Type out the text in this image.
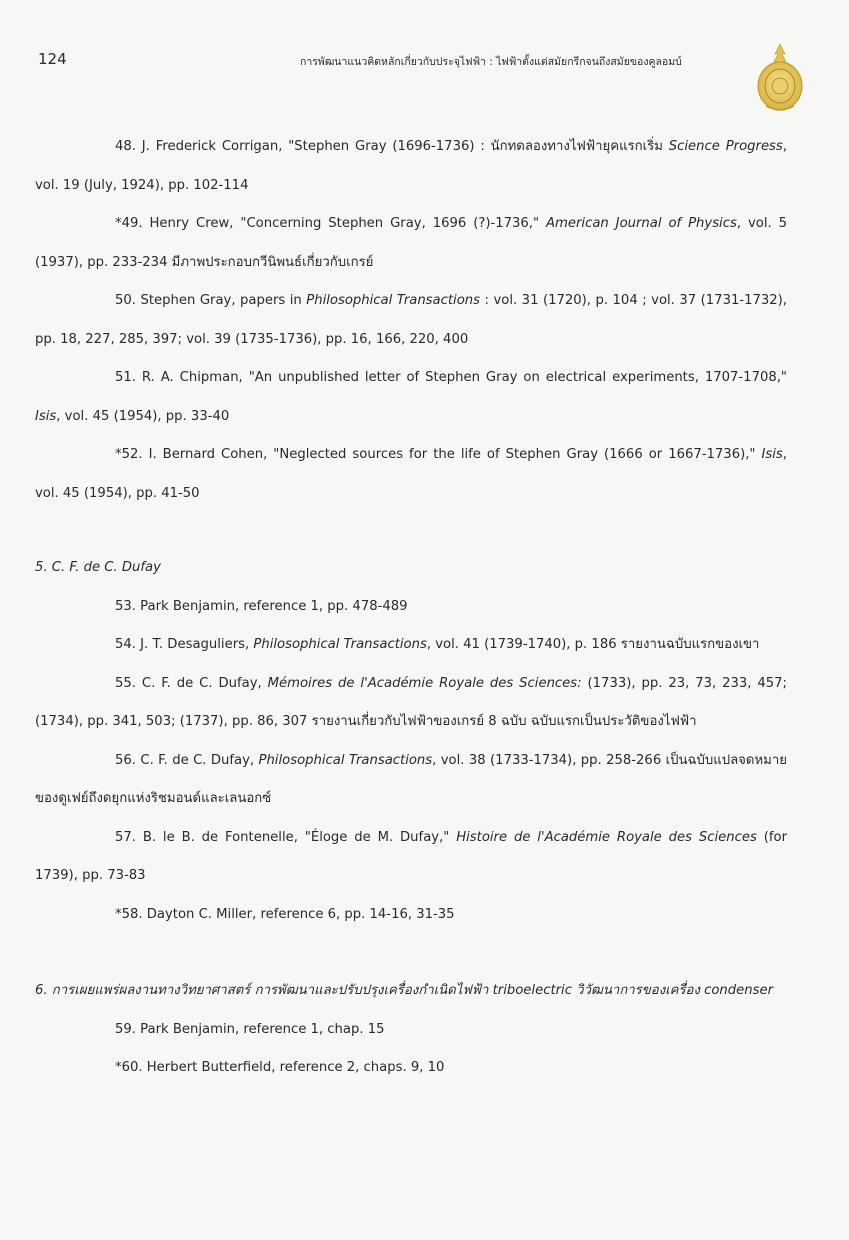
124	การพัฒนาแนวคิดหลักเกี่ยวกับประจุไฟฟ้า : ไฟฟ้าตั้งแต่สมัยกรีกจนถึงสมัยของคูลอมบ์

48. J. Frederick Corrigan, "Stephen Gray (1696-1736) : นักทดลองทางไฟฟ้ายุคแรกเริ่ม Science Progress, vol. 19 (July, 1924), pp. 102-114

*49. Henry Crew, "Concerning Stephen Gray, 1696 (?)-1736," American Journal of Physics, vol. 5 (1937), pp. 233-234 มีภาพประกอบกวีนิพนธ์เกี่ยวกับเกรย์

50. Stephen Gray, papers in Philosophical Transactions : vol. 31 (1720), p. 104 ; vol. 37 (1731-1732), pp. 18, 227, 285, 397; vol. 39 (1735-1736), pp. 16, 166, 220, 400

51. R. A. Chipman, "An unpublished letter of Stephen Gray on electrical experiments, 1707-1708," Isis, vol. 45 (1954), pp. 33-40

*52. I. Bernard Cohen, "Neglected sources for the life of Stephen Gray (1666 or 1667-1736)," Isis, vol. 45 (1954), pp. 41-50

5. C. F. de C. Dufay

53. Park Benjamin, reference 1, pp. 478-489

54. J. T. Desaguliers, Philosophical Transactions, vol. 41 (1739-1740), p. 186 รายงานฉบับแรกของเขา

55. C. F. de C. Dufay, Mémoires de l'Académie Royale des Sciences: (1733), pp. 23, 73, 233, 457; (1734), pp. 341, 503; (1737), pp. 86, 307 รายงานเกี่ยวกับไฟฟ้าของเกรย์ 8 ฉบับ ฉบับแรกเป็นประวัติของไฟฟ้า

56. C. F. de C. Dufay, Philosophical Transactions, vol. 38 (1733-1734), pp. 258-266 เป็นฉบับแปลจดหมายของดูเฟย์ถึงดยุกแห่งริชมอนด์และเลนอกซ์

57. B. le B. de Fontenelle, "Éloge de M. Dufay," Histoire de l'Académie Royale des Sciences (for 1739), pp. 73-83

*58. Dayton C. Miller, reference 6, pp. 14-16, 31-35

6. การเผยแพร่ผลงานทางวิทยาศาสตร์ การพัฒนาและปรับปรุงเครื่องกำเนิดไฟฟ้า triboelectric วิวัฒนาการของเครื่อง condenser

59. Park Benjamin, reference 1, chap. 15

*60. Herbert Butterfield, reference 2, chaps. 9, 10
